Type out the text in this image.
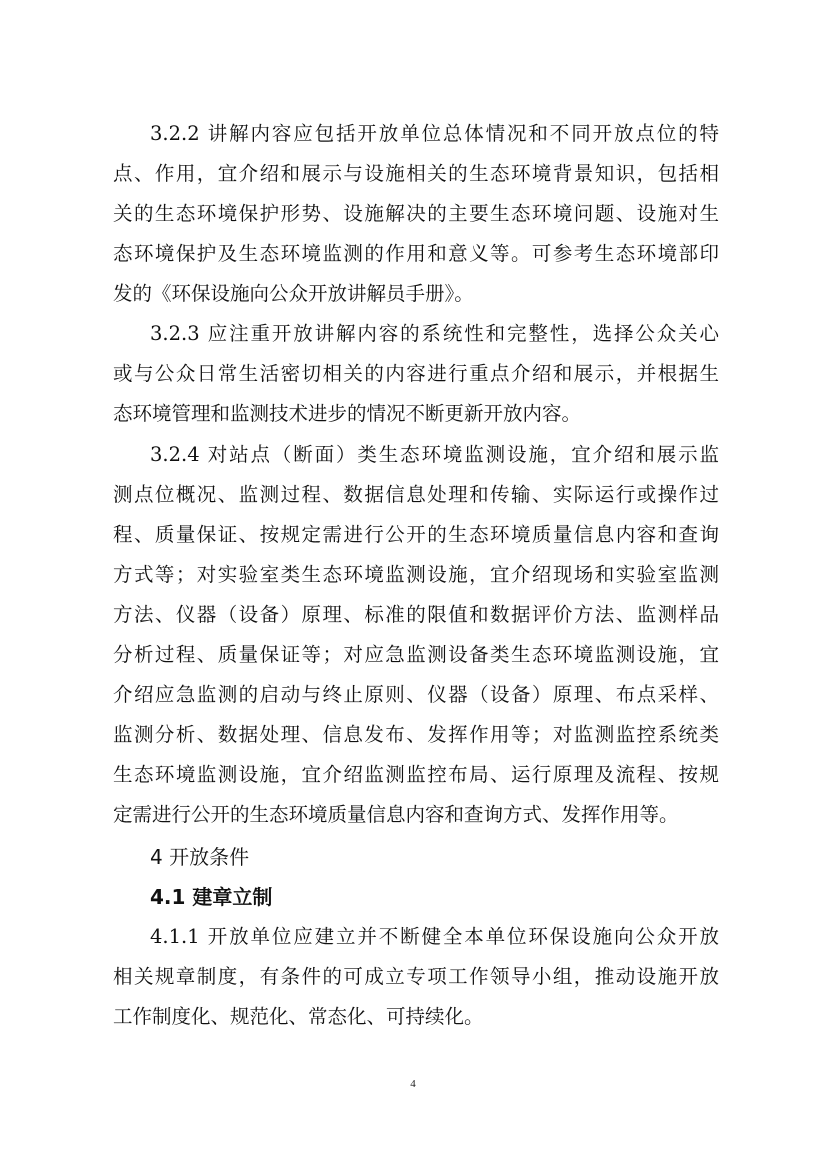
3.2.2 讲解内容应包括开放单位总体情况和不同开放点位的特
点、作用，宜介绍和展示与设施相关的生态环境背景知识，包括相
关的生态环境保护形势、设施解决的主要生态环境问题、设施对生
态环境保护及生态环境监测的作用和意义等。可参考生态环境部印
发的《环保设施向公众开放讲解员手册》。
3.2.3 应注重开放讲解内容的系统性和完整性，选择公众关心
或与公众日常生活密切相关的内容进行重点介绍和展示，并根据生
态环境管理和监测技术进步的情况不断更新开放内容。
3.2.4 对站点（断面）类生态环境监测设施，宜介绍和展示监
测点位概况、监测过程、数据信息处理和传输、实际运行或操作过
程、质量保证、按规定需进行公开的生态环境质量信息内容和查询
方式等；对实验室类生态环境监测设施，宜介绍现场和实验室监测
方法、仪器（设备）原理、标准的限值和数据评价方法、监测样品
分析过程、质量保证等；对应急监测设备类生态环境监测设施，宜
介绍应急监测的启动与终止原则、仪器（设备）原理、布点采样、
监测分析、数据处理、信息发布、发挥作用等；对监测监控系统类
生态环境监测设施，宜介绍监测监控布局、运行原理及流程、按规
定需进行公开的生态环境质量信息内容和查询方式、发挥作用等。
4 开放条件
4.1 建章立制
4.1.1 开放单位应建立并不断健全本单位环保设施向公众开放
相关规章制度，有条件的可成立专项工作领导小组，推动设施开放
工作制度化、规范化、常态化、可持续化。
4
